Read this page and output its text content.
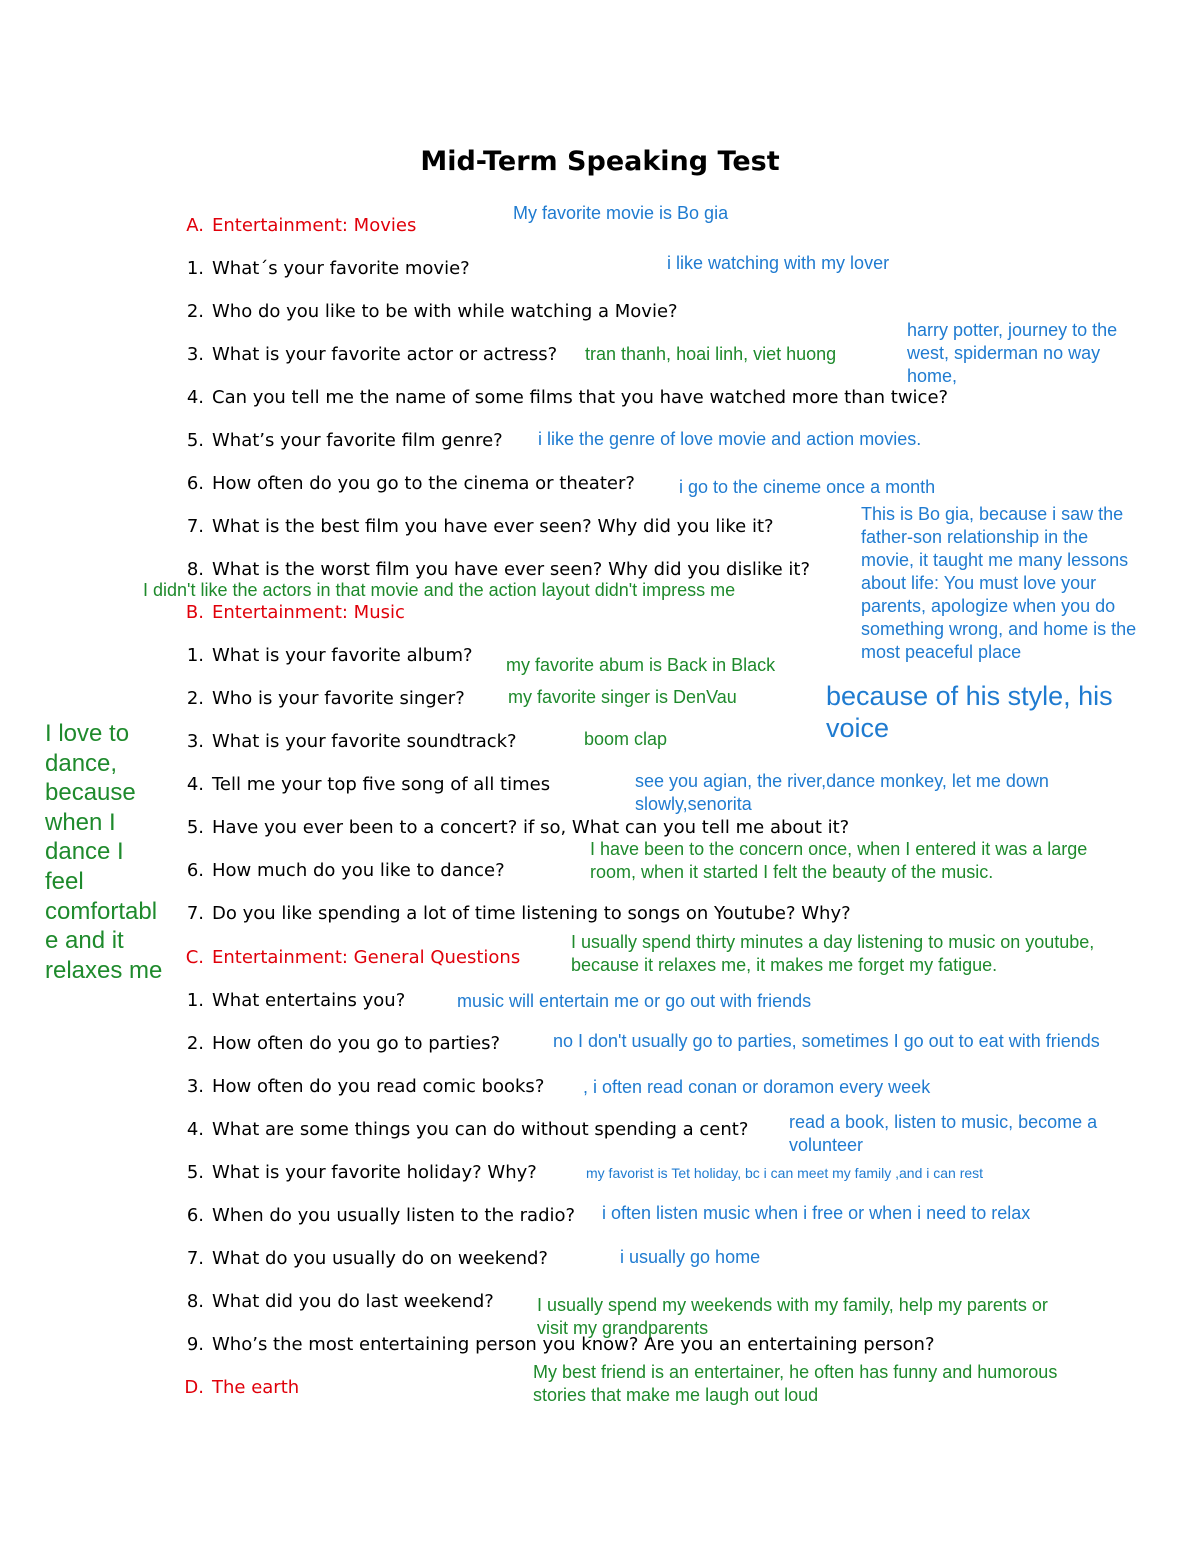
Mid-Term Speaking Test
A. Entertainment: Movies
1. What´s your favorite movie?
2. Who do you like to be with while watching a Movie?
3. What is your favorite actor or actress?
4. Can you tell me the name of some films that you have watched more than twice?
5. What’s your favorite film genre?
6. How often do you go to the cinema or theater?
7. What is the best film you have ever seen? Why did you like it?
8. What is the worst film you have ever seen? Why did you dislike it?
B. Entertainment: Music
1. What is your favorite album?
2. Who is your favorite singer?
3. What is your favorite soundtrack?
4. Tell me your top five song of all times
5. Have you ever been to a concert? if so, What can you tell me about it?
6. How much do you like to dance?
7. Do you like spending a lot of time listening to songs on Youtube? Why?
C. Entertainment: General Questions
1. What entertains you?
2. How often do you go to parties?
3. How often do you read comic books?
4. What are some things you can do without spending a cent?
5. What is your favorite holiday? Why?
6. When do you usually listen to the radio?
7. What do you usually do on weekend?
8. What did you do last weekend?
9. Who’s the most entertaining person you know? Are you an entertaining person?
D. The earth
My favorite movie is Bo gia
i like watching with my lover
tran thanh, hoai linh, viet huong
harry potter, journey to the
west, spiderman no way
home,
i like the genre of love movie and action movies.
i go to the cineme once a month
This is Bo gia, because i saw the
father-son relationship in the
movie, it taught me many lessons
about life: You must love your
parents, apologize when you do
something wrong, and home is the
most peaceful place
I didn't like the actors in that movie and the action layout didn't impress me
my favorite abum is Back in Black
my favorite singer is DenVau	because of his style, his
voice
boom clap
see you agian, the river,dance monkey, let me down
slowly,senorita
I have been to the concern once, when I entered it was a large
room, when it started I felt the beauty of the music.
I love to
dance,
because
when I
dance I
feel
comfortabl
e and it
relaxes me
I usually spend thirty minutes a day listening to music on youtube,
because it relaxes me, it makes me forget my fatigue.
music will entertain me or go out with friends
no I don't usually go to parties, sometimes I go out to eat with friends
, i often read conan or doramon every week
read a book, listen to music, become a
volunteer
my favorist is Tet holiday, bc i can meet my family ,and i can rest
i often listen music when i free or when i need to relax
i usually go home
I usually spend my weekends with my family, help my parents or
visit my grandparents
My best friend is an entertainer, he often has funny and humorous
stories that make me laugh out loud
